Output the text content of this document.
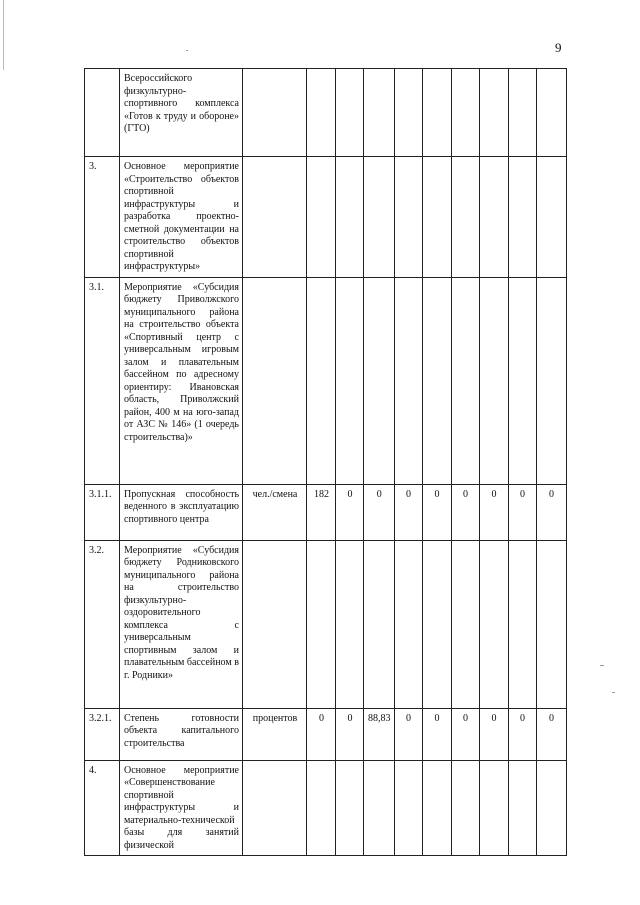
9
	Всероссийского физкультурно-спортивного комплекса «Готов к труду и обороне» (ГТО)										
3.	Основное мероприятие «Строительство объектов спортивной инфраструктуры и разработка проектно-сметной документации на строительство объектов спортивной инфраструктуры»										
3.1.	Мероприятие «Субсидия бюджету Приволжского муниципального района на строительство объекта «Спортивный центр с универсальным игровым залом и плавательным бассейном по адресному ориентиру: Ивановская область, Приволжский район, 400 м на юго-запад от АЗС № 146» (1 очередь строительства)»										
3.1.1.	Пропускная способность веденного в эксплуатацию спортивного центра	чел./смена	182	0	0	0	0	0	0	0	0
3.2.	Мероприятие «Субсидия бюджету Родниковского муниципального района на строительство физкультурно-оздоровительного комплекса с универсальным спортивным залом и плавательным бассейном в г. Родники»										
3.2.1.	Степень готовности объекта капитального строительства	процентов	0	0	88,83	0	0	0	0	0	0
4.	Основное мероприятие «Совершенствование спортивной инфраструктуры и материально-технической базы для занятий физической										
